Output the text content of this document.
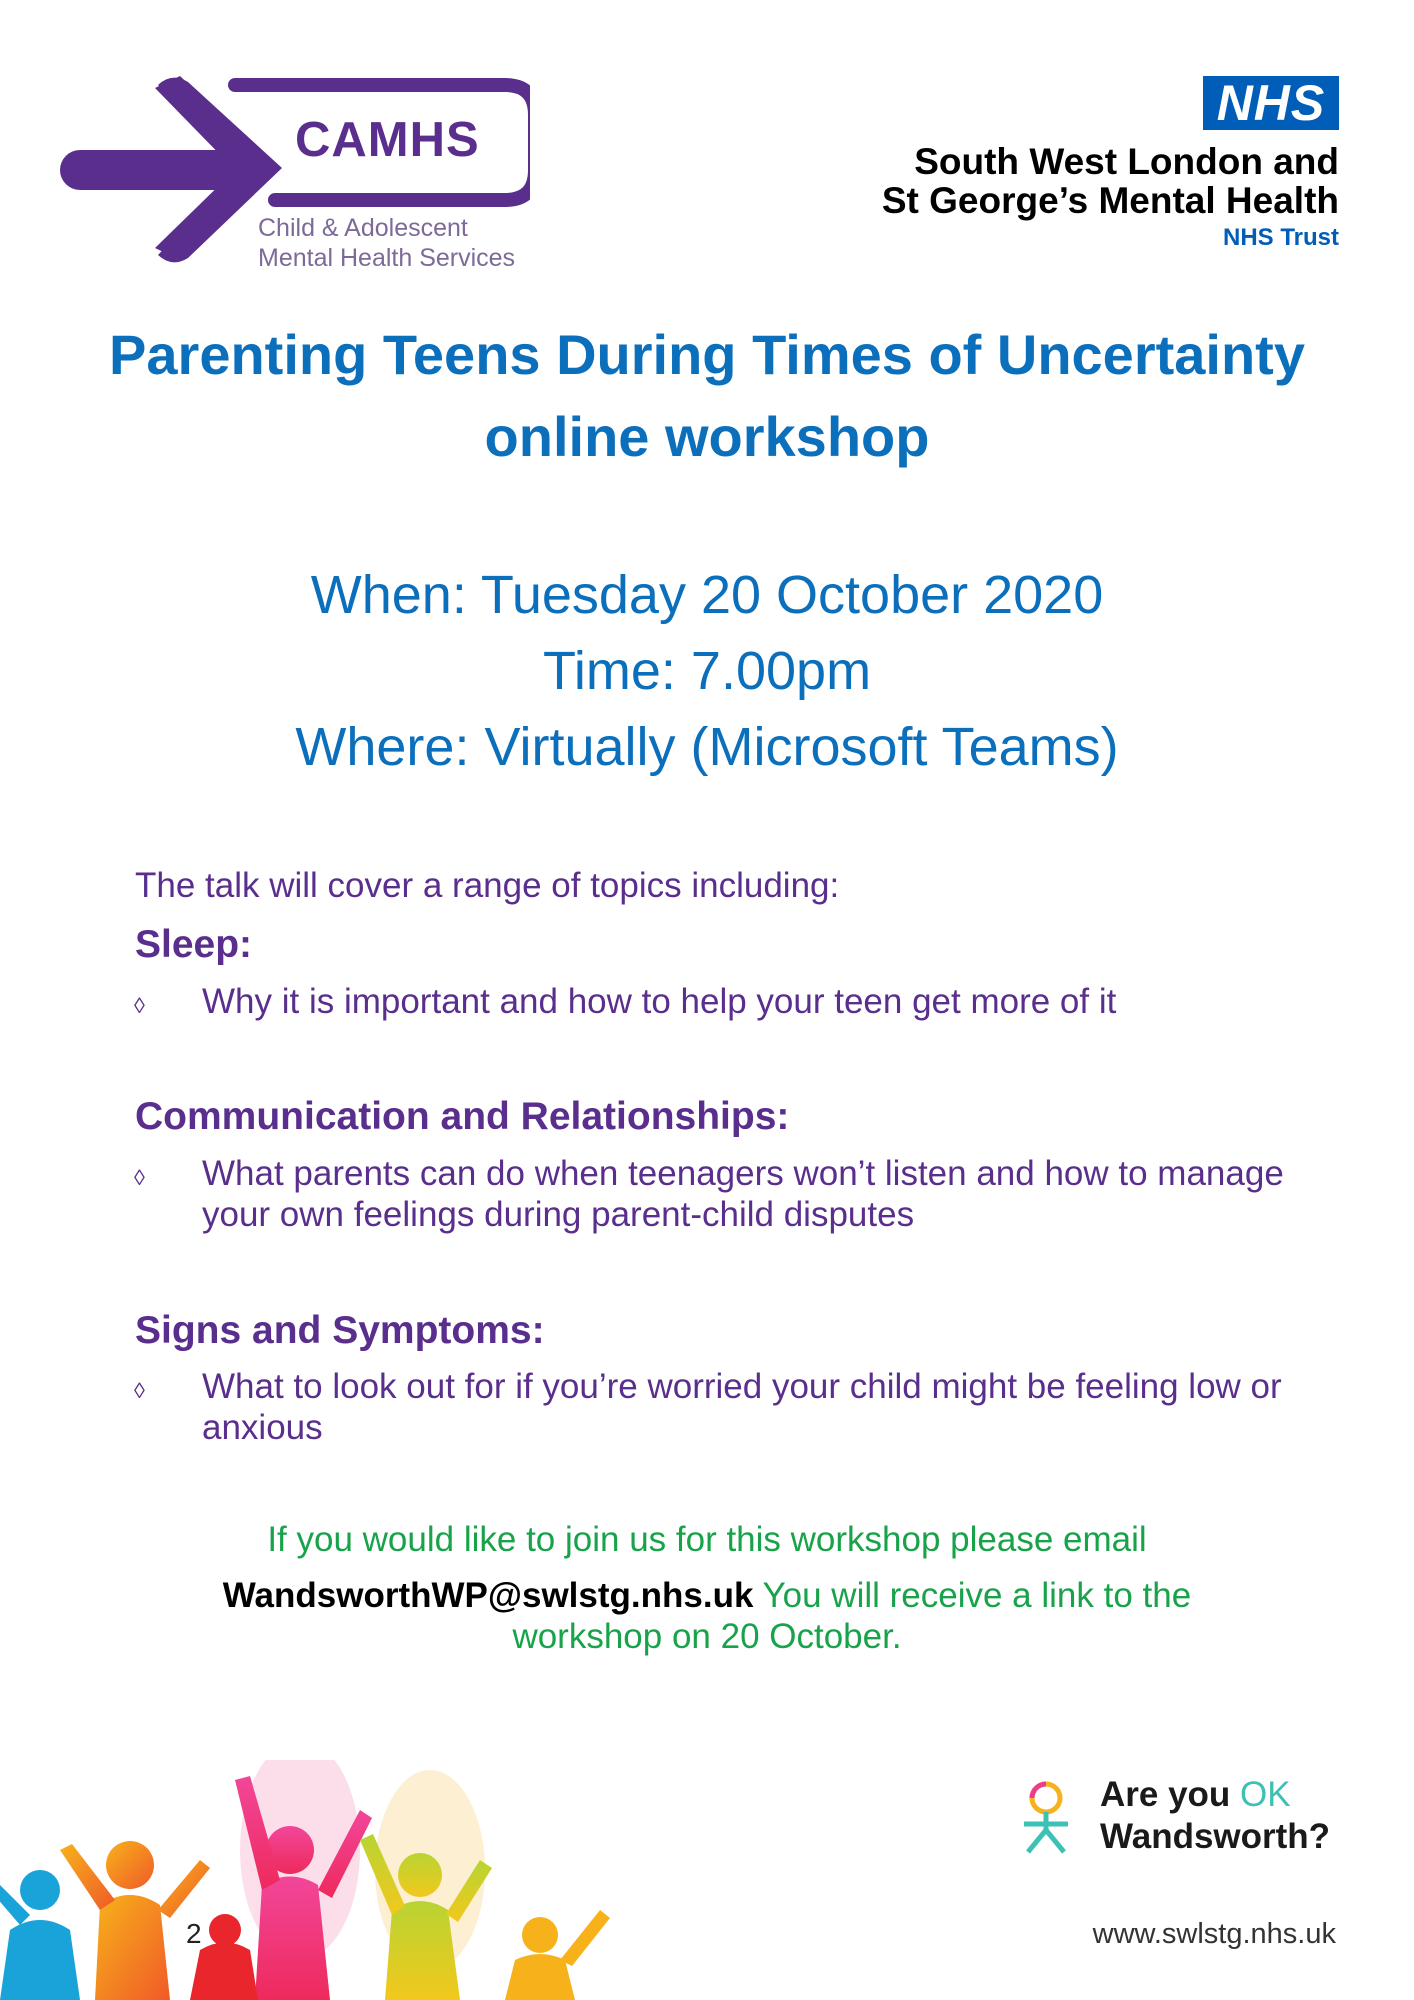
CAMHS
Child & Adolescent
Mental Health Services
NHS
South West London and
St George’s Mental Health
NHS Trust
Parenting Teens During Times of Uncertainty
online workshop
When: Tuesday 20 October 2020
Time: 7.00pm
Where: Virtually (Microsoft Teams)
The talk will cover a range of topics including:
Sleep:
◊ Why it is important and how to help your teen get more of it
Communication and Relationships:
◊ What parents can do when teenagers won’t listen and how to manage your own feelings during parent-child disputes
Signs and Symptoms:
◊ What to look out for if you’re worried your child might be feeling low or anxious
If you would like to join us for this workshop please email
WandsworthWP@swlstg.nhs.uk You will receive a link to the
workshop on 20 October.
2
Are you OK
Wandsworth?
www.swlstg.nhs.uk
